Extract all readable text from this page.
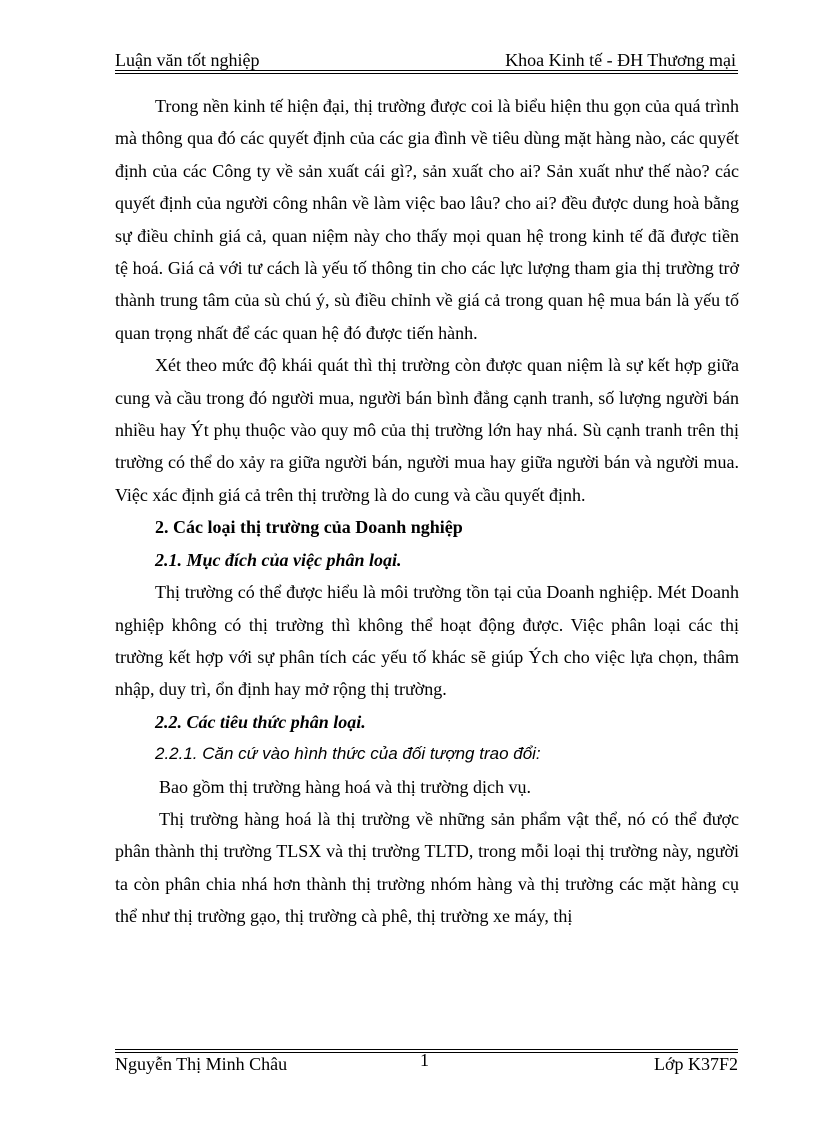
Luận văn tốt nghiệp	Khoa Kinh tế - ĐH Thương mại

Trong nền kinh tế hiện đại, thị trường được coi là biểu hiện thu gọn của quá trình mà thông qua đó các quyết định của các gia đình về tiêu dùng mặt hàng nào, các quyết định của các Công ty về sản xuất cái gì?, sản xuất cho ai? Sản xuất như thế nào? các quyết định của người công nhân về làm việc bao lâu? cho ai? đều được dung hoà bằng sự điều chỉnh giá cả, quan niệm này cho thấy mọi quan hệ trong kinh tế đã được tiền tệ hoá. Giá cả với tư cách là yếu tố thông tin cho các lực lượng tham gia thị trường trở thành trung tâm của sù chú ý, sù điều chỉnh về giá cả trong quan hệ mua bán là yếu tố quan trọng nhất để các quan hệ đó được tiến hành.

Xét theo mức độ khái quát thì thị trường còn được quan niệm là sự kết hợp giữa cung và cầu trong đó người mua, người bán bình đẳng cạnh tranh, số lượng người bán nhiều hay Ýt phụ thuộc vào quy mô của thị trường lớn hay nhá. Sù cạnh tranh trên thị trường có thể do xảy ra giữa người bán, người mua hay giữa người bán và người mua. Việc xác định giá cả trên thị trường là do cung và cầu quyết định.

2. Các loại thị trường của Doanh nghiệp
2.1. Mục đích của việc phân loại.

Thị trường có thể được hiểu là môi trường tồn tại của Doanh nghiệp. Mét Doanh nghiệp không có thị trường thì không thể hoạt động được. Việc phân loại các thị trường kết hợp với sự phân tích các yếu tố khác sẽ giúp Ých cho việc lựa chọn, thâm nhập, duy trì, ổn định hay mở rộng thị trường.

2.2. Các tiêu thức phân loại.
2.2.1. Căn cứ vào hình thức của đối tượng trao đổi:

Bao gồm thị trường hàng hoá và thị trường dịch vụ.

Thị trường hàng hoá là thị trường về những sản phẩm vật thể, nó có thể được phân thành thị trường TLSX và thị trường TLTD, trong mỗi loại thị trường này, người ta còn phân chia nhá hơn thành thị trường nhóm hàng và thị trường các mặt hàng cụ thể như thị trường gạo, thị trường cà phê, thị trường xe máy, thị

Nguyễn Thị Minh Châu	1	Lớp K37F2
